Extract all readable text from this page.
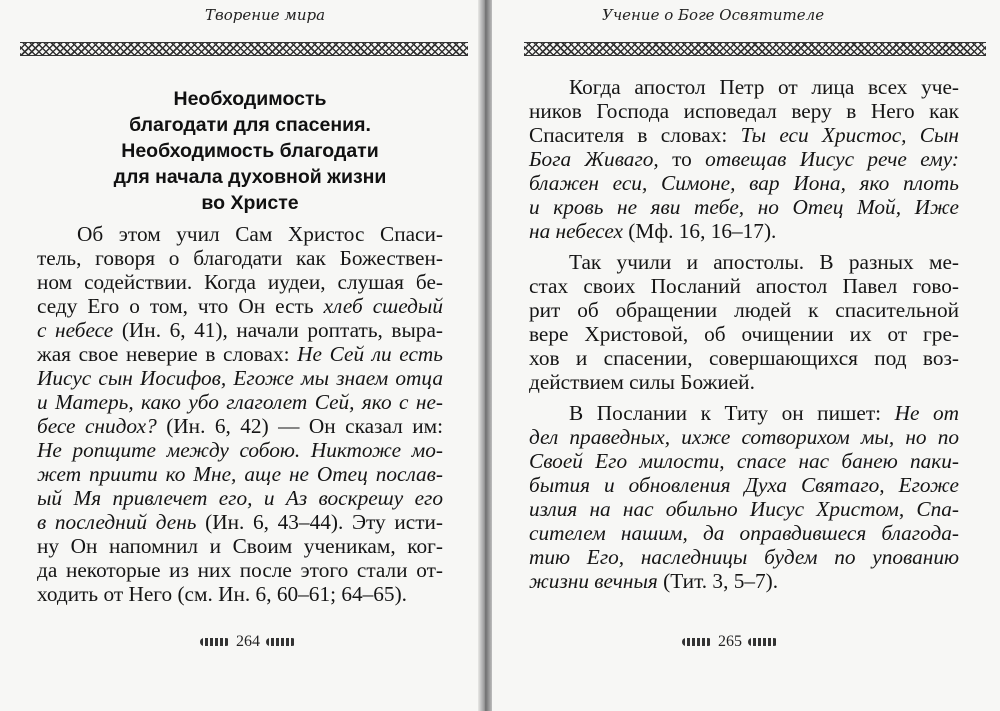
Творение мира
Необходимость
благодати для спасения.
Необходимость благодати
для начала духовной жизни
во Христе
Об этом учил Сам Христос Спаси-
тель, говоря о благодати как Божествен-
ном содействии. Когда иудеи, слушая бе-
седу Его о том, что Он есть хлеб сшедый
с небесе (Ин. 6, 41), начали роптать, выра-
жая свое неверие в словах: Не Сей ли есть
Иисус сын Иосифов, Егоже мы знаем отца
и Матерь, како убо глаголет Сей, яко с не-
бесе снидох? (Ин. 6, 42) — Он сказал им:
Не ропщите между собою. Никтоже мо-
жет приити ко Мне, аще не Отец послав-
ый Мя привлечет его, и Аз воскрешу его
в последний день (Ин. 6, 43–44). Эту исти-
ну Он напомнил и Своим ученикам, ког-
да некоторые из них после этого стали от-
ходить от Него (см. Ин. 6, 60–61; 64–65).
264
Учение о Боге Освятителе
Когда апостол Петр от лица всех уче-
ников Господа исповедал веру в Него как
Спасителя в словах: Ты еси Христос, Сын
Бога Живаго, то отвещав Иисус рече ему:
блажен еси, Симоне, вар Иона, яко плоть
и кровь не яви тебе, но Отец Мой, Иже
на небесех (Мф. 16, 16–17).
Так учили и апостолы. В разных ме-
стах своих Посланий апостол Павел гово-
рит об обращении людей к спасительной
вере Христовой, об очищении их от гре-
хов и спасении, совершающихся под воз-
действием силы Божией.
В Послании к Титу он пишет: Не от
дел праведных, ихже сотворихом мы, но по
Своей Его милости, спасе нас банею паки-
бытия и обновления Духа Святаго, Егоже
излия на нас обильно Иисус Христом, Спа-
сителем нашим, да оправдившеся благода-
тию Его, наследницы будем по упованию
жизни вечныя (Тит. 3, 5–7).
265
